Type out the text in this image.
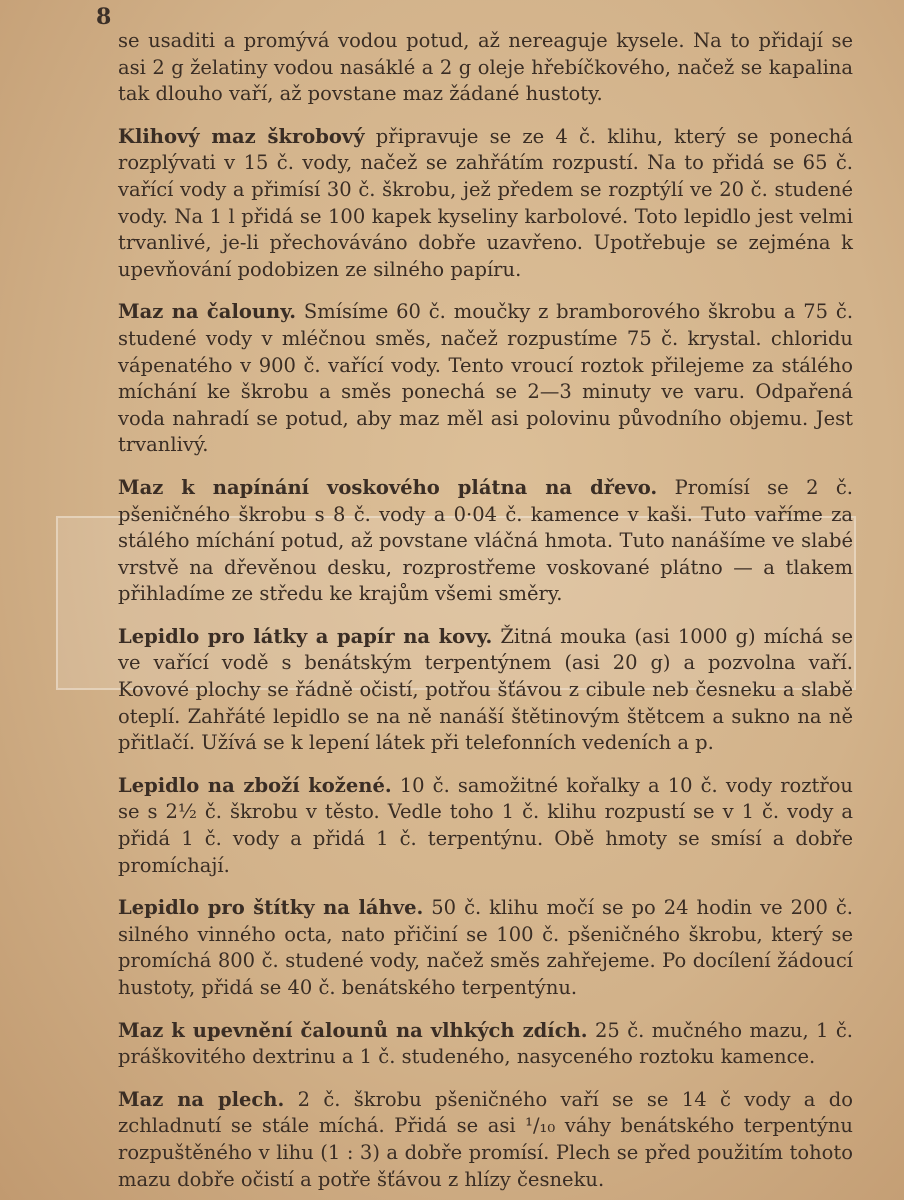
8

se usaditi a promývá vodou potud, až nereaguje kysele. Na to přidají se asi 2 g želatiny vodou nasáklé a 2 g oleje hřebíčkového, načež se kapalina tak dlouho vaří, až povstane maz žádané hustoty.

Klihový maz škrobový připravuje se ze 4 č. klihu, který se ponechá rozplývati v 15 č. vody, načež se zahřátím rozpustí. Na to přidá se 65 č. vařící vody a přimísí 30 č. škrobu, jež předem se rozptýlí ve 20 č. studené vody. Na 1 l přidá se 100 kapek kyseliny karbolové. Toto lepidlo jest velmi trvanlivé, je-li přechováváno dobře uzavřeno. Upotřebuje se zejména k upevňování podobizen ze silného papíru.

Maz na čalouny. Smísíme 60 č. moučky z bramborového škrobu a 75 č. studené vody v mléčnou směs, načež rozpustíme 75 č. krystal. chloridu vápenatého v 900 č. vařící vody. Tento vroucí roztok přilejeme za stálého míchání ke škrobu a směs ponechá se 2—3 minuty ve varu. Odpařená voda nahradí se potud, aby maz měl asi polovinu původního objemu. Jest trvanlivý.

Maz k napínání voskového plátna na dřevo. Promísí se 2 č. pšeničného škrobu s 8 č. vody a 0·04 č. kamence v kaši. Tuto vaříme za stálého míchání potud, až povstane vláčná hmota. Tuto nanášíme ve slabé vrstvě na dřevěnou desku, rozprostřeme voskované plátno — a tlakem přihladíme ze středu ke krajům všemi směry.

Lepidlo pro látky a papír na kovy. Žitná mouka (asi 1000 g) míchá se ve vařící vodě s benátským terpentýnem (asi 20 g) a pozvolna vaří. Kovové plochy se řádně očistí, potřou šťávou z cibule neb česneku a slabě oteplí. Zahřáté lepidlo se na ně nanáší štětinovým štětcem a sukno na ně přitlačí. Užívá se k lepení látek při telefonních vedeních a p.

Lepidlo na zboží kožené. 10 č. samožitné kořalky a 10 č. vody roztřou se s 2½ č. škrobu v těsto. Vedle toho 1 č. klihu rozpustí se v 1 č. vody a přidá 1 č. vody a přidá 1 č. terpentýnu. Obě hmoty se smísí a dobře promíchají.

Lepidlo pro štítky na láhve. 50 č. klihu močí se po 24 hodin ve 200 č. silného vinného octa, nato přičiní se 100 č. pšeničného škrobu, který se promíchá 800 č. studené vody, načež směs zahřejeme. Po docílení žádoucí hustoty, přidá se 40 č. benátského terpentýnu.

Maz k upevnění čalounů na vlhkých zdích. 25 č. mučného mazu, 1 č. práškovitého dextrinu a 1 č. studeného, nasyceného roztoku kamence.

Maz na plech. 2 č. škrobu pšeničného vaří se se 14 č vody a do zchladnutí se stále míchá. Přidá se asi ¹/₁₀ váhy benátského terpentýnu rozpuštěného v lihu (1 : 3) a dobře promísí. Plech se před použitím tohoto mazu dobře očistí a potře šťávou z hlízy česneku.
